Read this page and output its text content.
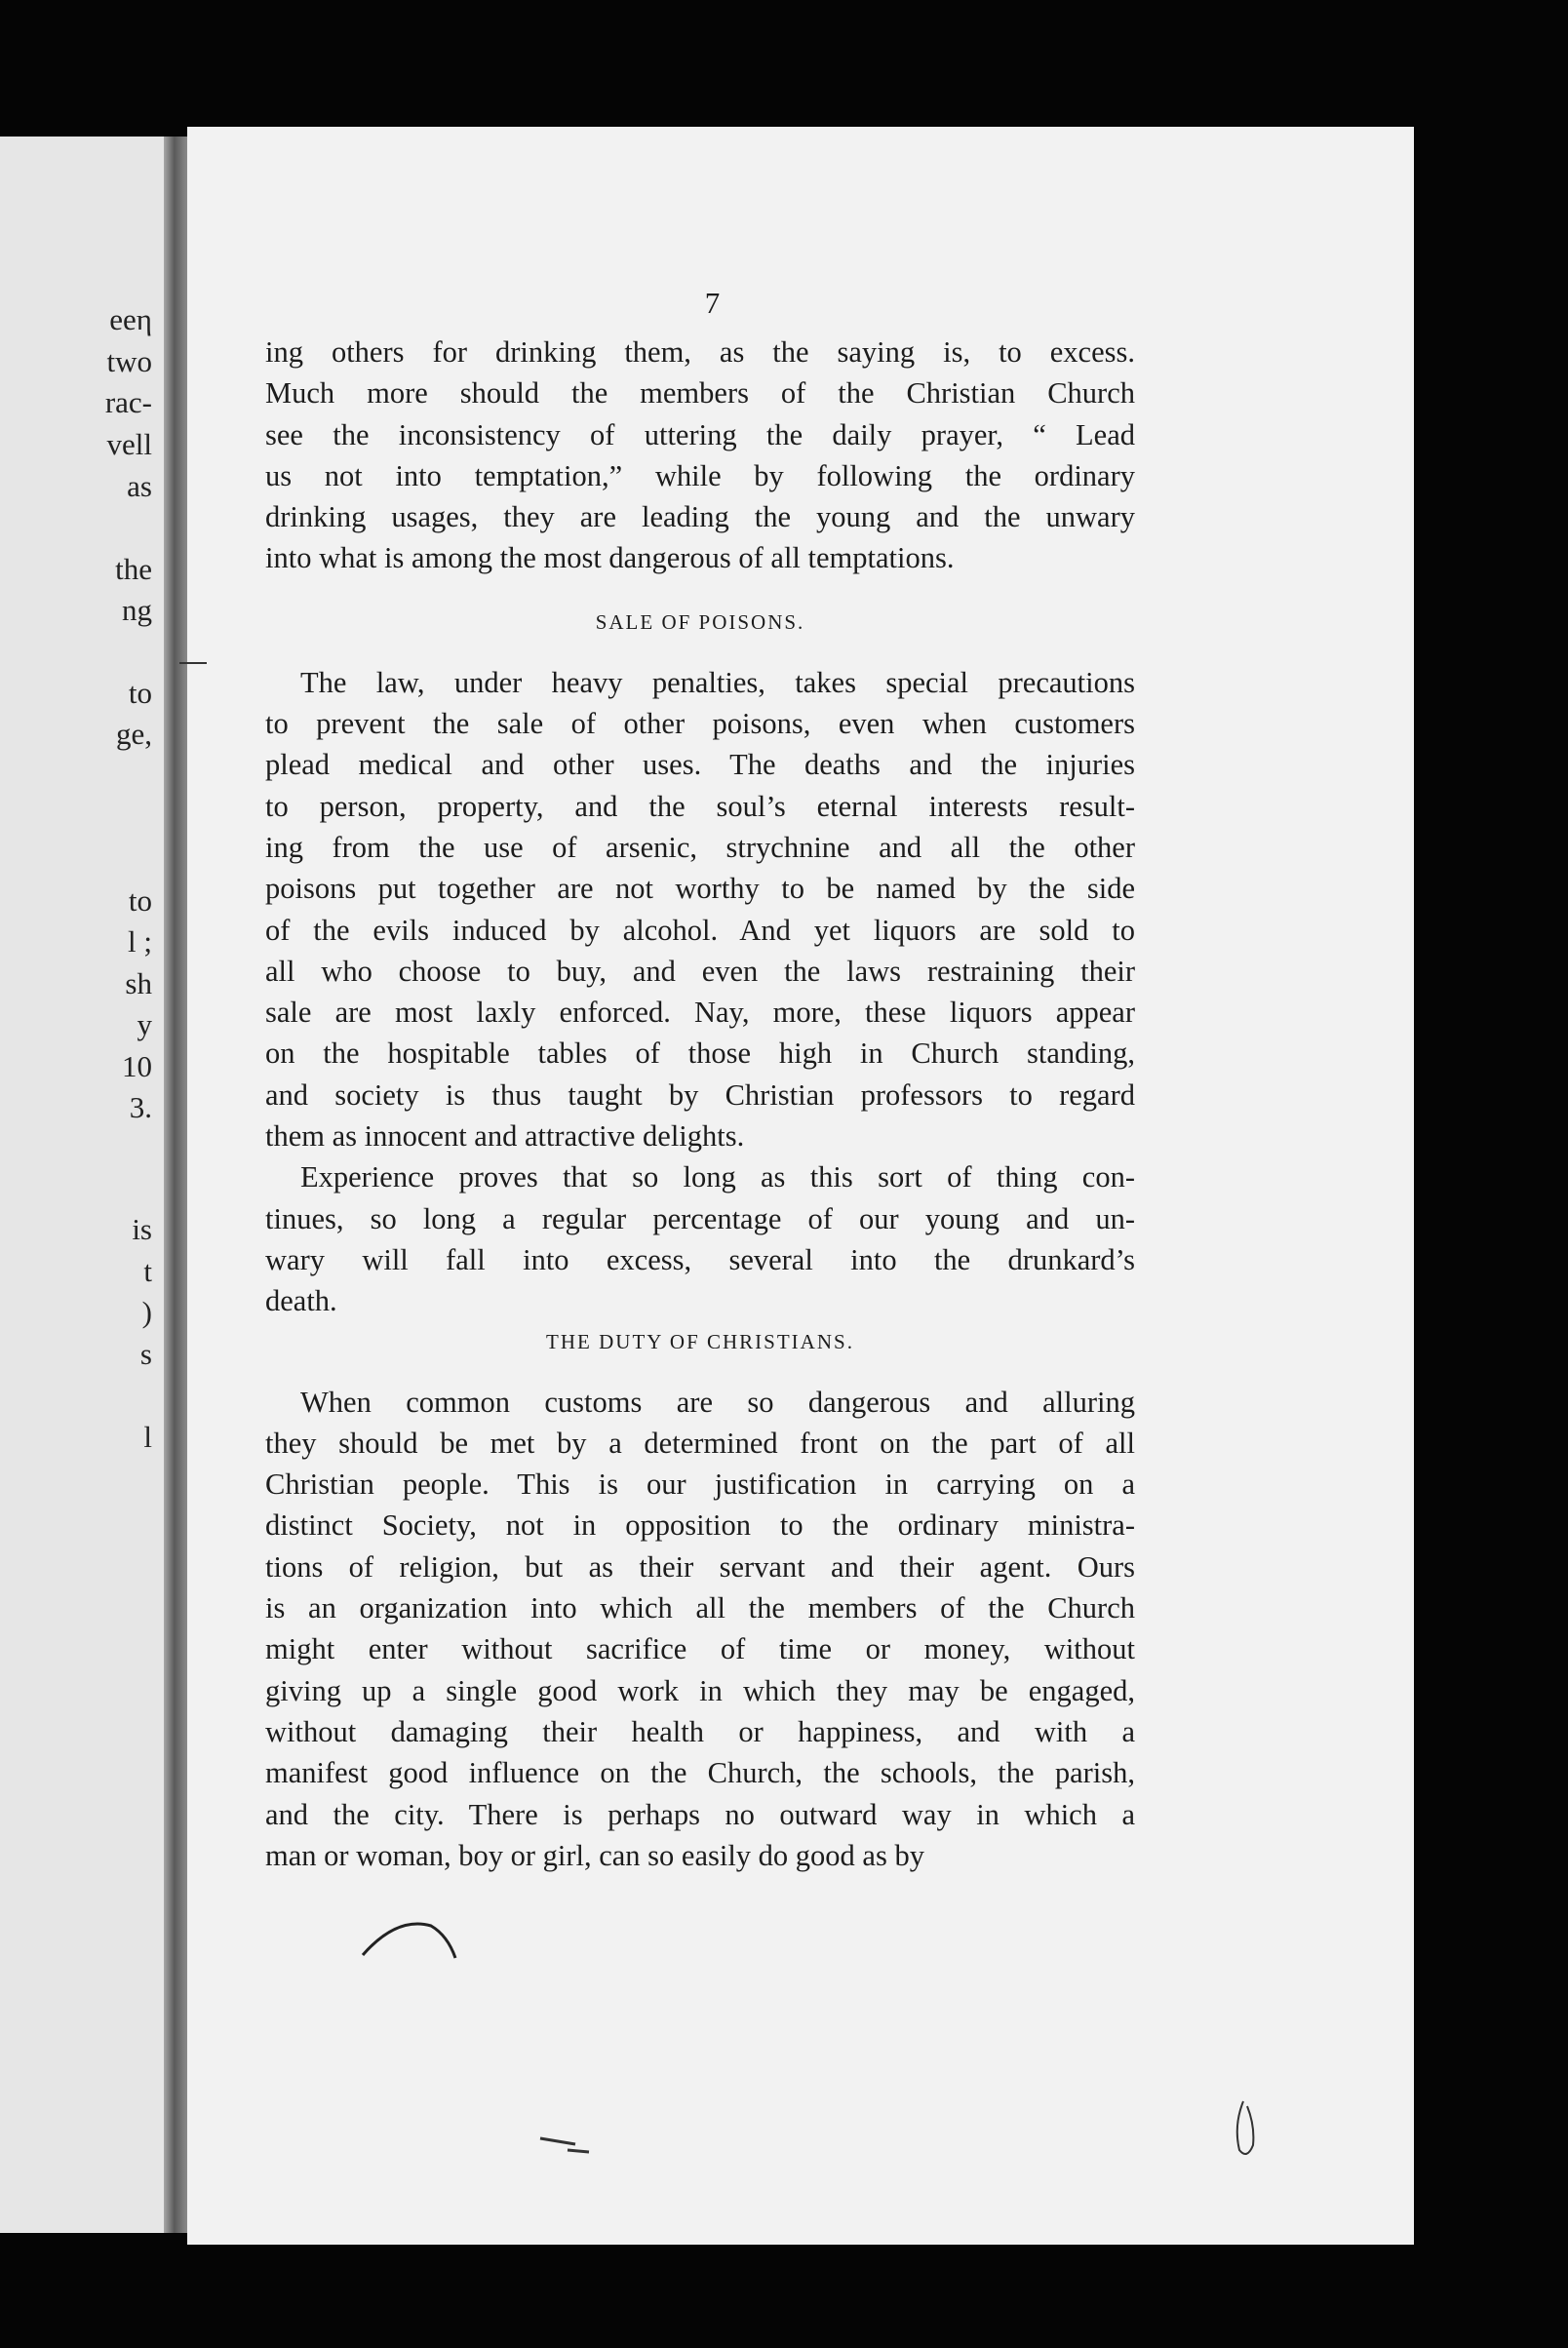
eeη
two
rac-
vell
as
the
ng
to
ge,
to
l ;
sh
y
10
3.
is
t
)
s
l
7
ing others for drinking them, as the saying is, to excess.
Much more should the members of the Christian Church
see the inconsistency of uttering the daily prayer, “ Lead
us not into temptation,” while by following the ordinary
drinking usages, they are leading the young and the unwary
into what is among the most dangerous of all temptations.
SALE OF POISONS.
The law, under heavy penalties, takes special precautions
to prevent the sale of other poisons, even when customers
plead medical and other uses. The deaths and the injuries
to person, property, and the soul’s eternal interests result-
ing from the use of arsenic, strychnine and all the other
poisons put together are not worthy to be named by the side
of the evils induced by alcohol. And yet liquors are sold to
all who choose to buy, and even the laws restraining their
sale are most laxly enforced. Nay, more, these liquors appear
on the hospitable tables of those high in Church standing,
and society is thus taught by Christian professors to regard
them as innocent and attractive delights.
Experience proves that so long as this sort of thing con-
tinues, so long a regular percentage of our young and un-
wary will fall into excess, several into the drunkard’s
death.
THE DUTY OF CHRISTIANS.
When common customs are so dangerous and alluring
they should be met by a determined front on the part of all
Christian people. This is our justification in carrying on a
distinct Society, not in opposition to the ordinary ministra-
tions of religion, but as their servant and their agent. Ours
is an organization into which all the members of the Church
might enter without sacrifice of time or money, without
giving up a single good work in which they may be engaged,
without damaging their health or happiness, and with a
manifest good influence on the Church, the schools, the parish,
and the city. There is perhaps no outward way in which a
man or woman, boy or girl, can so easily do good as by
